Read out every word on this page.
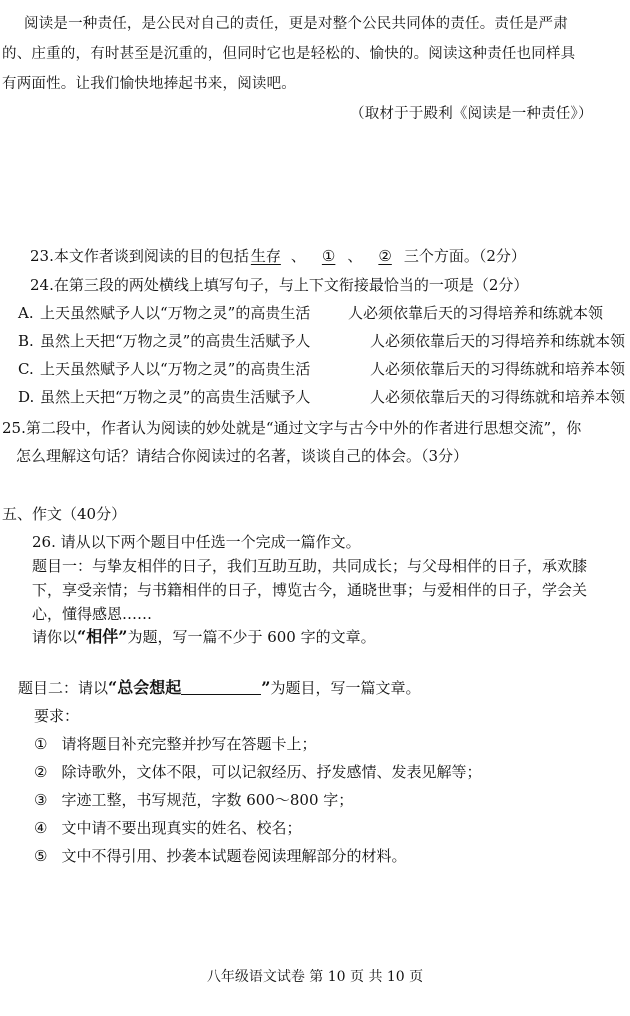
阅读是一种责任，是公民对自己的责任，更是对整个公民共同体的责任。责任是严肃
的、庄重的，有时甚至是沉重的，但同时它也是轻松的、愉快的。阅读这种责任也同样具
有两面性。让我们愉快地捧起书来，阅读吧。
（取材于于殿利《阅读是一种责任》）
23.本文作者谈到阅读的目的包括 生存 、 ① 、 ② 三个方面。（2分）
24.在第三段的两处横线上填写句子，与上下文衔接最恰当的一项是（2分）
A. 上天虽然赋予人以“万物之灵”的高贵生活	人必须依靠后天的习得培养和练就本领
B. 虽然上天把“万物之灵”的高贵生活赋予人	人必须依靠后天的习得培养和练就本领
C. 上天虽然赋予人以“万物之灵”的高贵生活	人必须依靠后天的习得练就和培养本领
D. 虽然上天把“万物之灵”的高贵生活赋予人	人必须依靠后天的习得练就和培养本领
25.第二段中，作者认为阅读的妙处就是“通过文字与古今中外的作者进行思想交流”，你
怎么理解这句话？请结合你阅读过的名著，谈谈自己的体会。（3分）
五、作文（40分）
26. 请从以下两个题目中任选一个完成一篇作文。
题目一：与挚友相伴的日子，我们互助互助，共同成长；与父母相伴的日子，承欢膝
下，享受亲情；与书籍相伴的日子，博览古今，通晓世事；与爱相伴的日子，学会关
心，懂得感恩……
请你以“相伴”为题，写一篇不少于 600 字的文章。
题目二：请以“总会想起	”为题目，写一篇文章。
要求：
① 请将题目补充完整并抄写在答题卡上；
② 除诗歌外，文体不限，可以记叙经历、抒发感情、发表见解等；
③ 字迹工整，书写规范，字数 600～800 字；
④ 文中请不要出现真实的姓名、校名；
⑤ 文中不得引用、抄袭本试题卷阅读理解部分的材料。
八年级语文试卷 第 10 页 共 10 页
